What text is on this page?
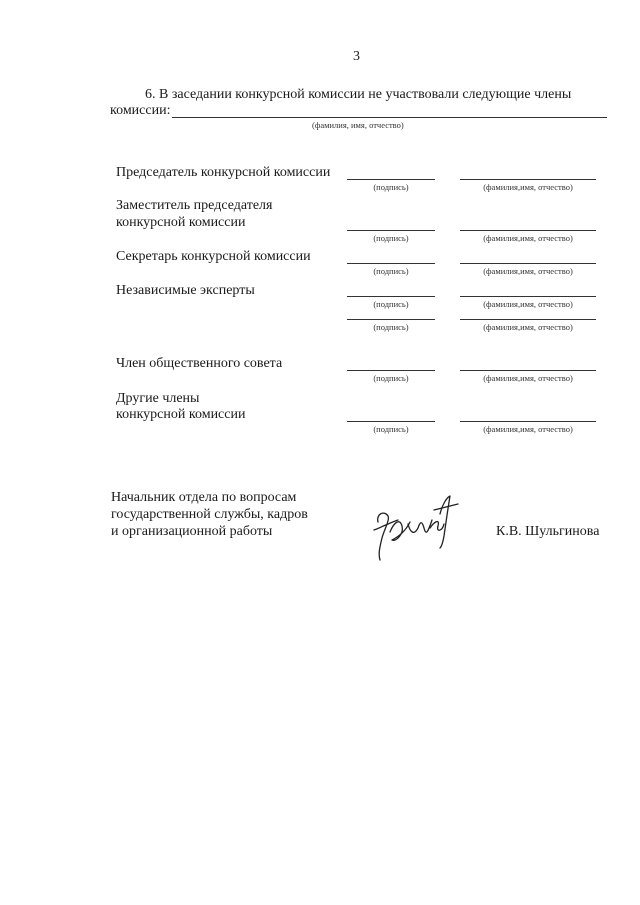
3
6. В заседании конкурсной комиссии не участвовали следующие члены
комиссии:
(фамилия, имя, отчество)
Председатель конкурсной комиссии
(подпись)	(фамилия,имя, отчество)
Заместитель председателя
конкурсной комиссии
(подпись)	(фамилия,имя, отчество)
Секретарь конкурсной комиссии
(подпись)	(фамилия,имя, отчество)
Независимые эксперты
(подпись)	(фамилия,имя, отчество)
(подпись)	(фамилия,имя, отчество)
Член общественного совета
(подпись)	(фамилия,имя, отчество)
Другие члены
конкурсной комиссии
(подпись)	(фамилия,имя, отчество)
Начальник отдела по вопросам
государственной службы, кадров
и организационной работы	К.В. Шульгинова
